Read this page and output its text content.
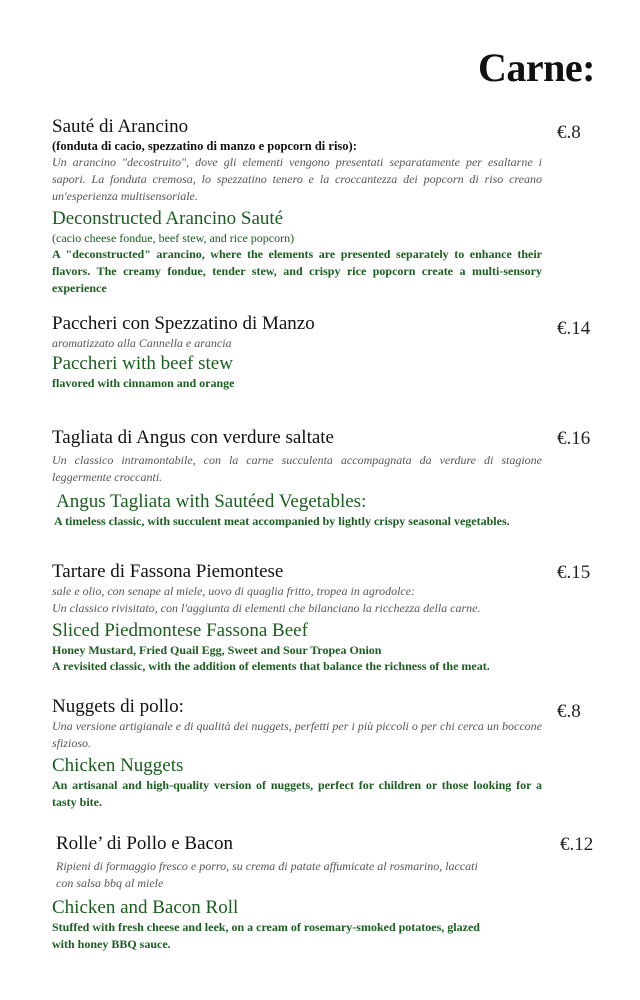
Carne:
Sauté di Arancino
(fonduta di cacio, spezzatino di manzo e popcorn di riso):
Un arancino "decostruito", dove gli elementi vengono presentati separatamente per esaltarne i sapori. La fonduta cremosa, lo spezzatino tenero e la croccantezza dei popcorn di riso creano un'esperienza multisensoriale.
Deconstructed Arancino Sauté
(cacio cheese fondue, beef stew, and rice popcorn)
A "deconstructed" arancino, where the elements are presented separately to enhance their flavors. The creamy fondue, tender stew, and crispy rice popcorn create a multi-sensory experience
€.8
Paccheri con Spezzatino di Manzo
aromatizzato alla Cannella e arancia
Paccheri with beef stew
flavored with cinnamon and orange
€.14
Tagliata di Angus con verdure saltate
Un classico intramontabile, con la carne succulenta accompagnata da verdure di stagione leggermente croccanti.
Angus Tagliata with Sautéed Vegetables:
A timeless classic, with succulent meat accompanied by lightly crispy seasonal vegetables.
€.16
Tartare di Fassona Piemontese
sale e olio, con senape al miele, uovo di quaglia fritto, tropea in agrodolce:
Un classico rivisitato, con l'aggiunta di elementi che bilanciano la ricchezza della carne.
Sliced Piedmontese Fassona Beef
Honey Mustard, Fried Quail Egg, Sweet and Sour Tropea Onion
A revisited classic, with the addition of elements that balance the richness of the meat.
€.15
Nuggets di pollo:
Una versione artigianale e di qualità dei nuggets, perfetti per i più piccoli o per chi cerca un boccone sfizioso.
Chicken Nuggets
An artisanal and high-quality version of nuggets, perfect for children or those looking for a tasty bite.
€.8
Rolle’ di Pollo e Bacon
Ripieni di formaggio fresco e porro, su crema di patate affumicate al rosmarino, laccati con salsa bbq al miele
Chicken and Bacon Roll
Stuffed with fresh cheese and leek, on a cream of rosemary-smoked potatoes, glazed with honey BBQ sauce.
€.12
